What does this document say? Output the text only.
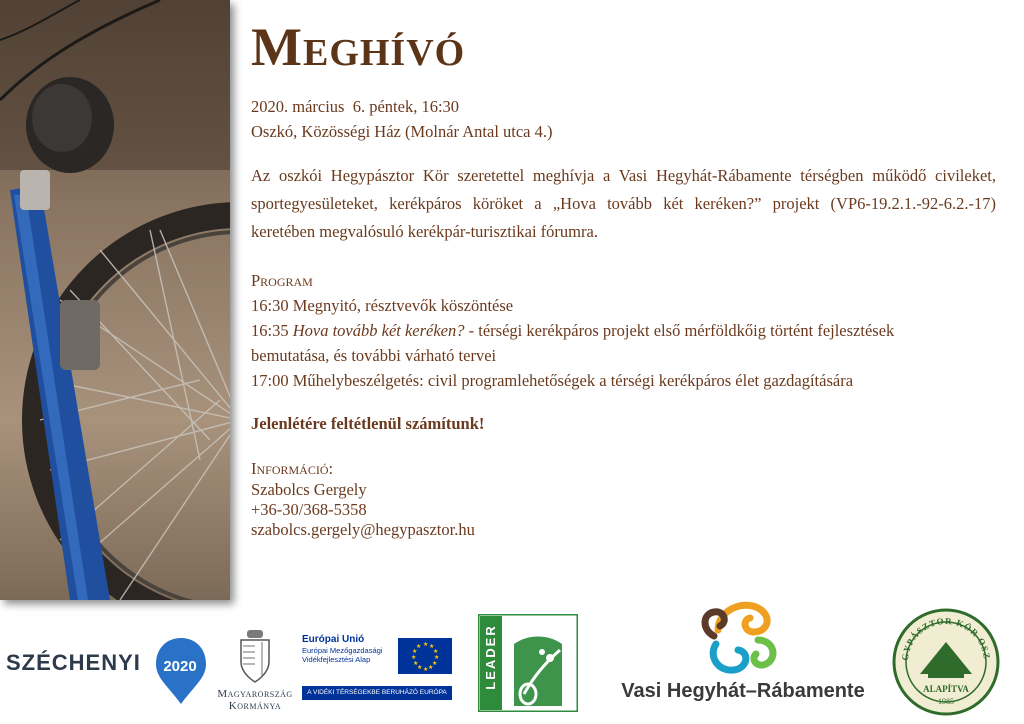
Meghívó
2020. március  6. péntek, 16:30
Oszkó, Közösségi Ház (Molnár Antal utca 4.)
Az oszkói Hegypásztor Kör szeretettel meghívja a Vasi Hegyhát-Rábamente térségben működő civileket, sportegyesületeket, kerékpáros köröket a „Hova tovább két keréken?” projekt (VP6-19.2.1.-92-6.2.-17) keretében megvalósuló kerékpár-turisztikai fórumra.
Program
16:30 Megnyitó, résztvevők köszöntése
16:35 Hova tovább két keréken? - térségi kerékpáros projekt első mérföldkőig történt fejlesztések
bemutatása, és további várható tervei
17:00 Műhelybeszélgetés: civil programlehetőségek a térségi kerékpáros élet gazdagítására
Jelenlétére feltétlenül számítunk!
Információ:
Szabolcs Gergely
+36-30/368-5358
szabolcs.gergely@hegypasztor.hu
SZÉCHENYI	2020
Magyarország
Kormánya
Európai Unió
Európai Mezőgazdasági
Vidékfejlesztési Alap
★ ★
★
★
★
★
★
★
★
★
★
★
A VIDÉKI TÉRSÉGEKBE BERUHÁZÓ EURÓPA
LEADER
Vasi Hegyhát–Rábamente
GYPÁSZTOR KÖR OSZ
ALAPÍTVA
1985
